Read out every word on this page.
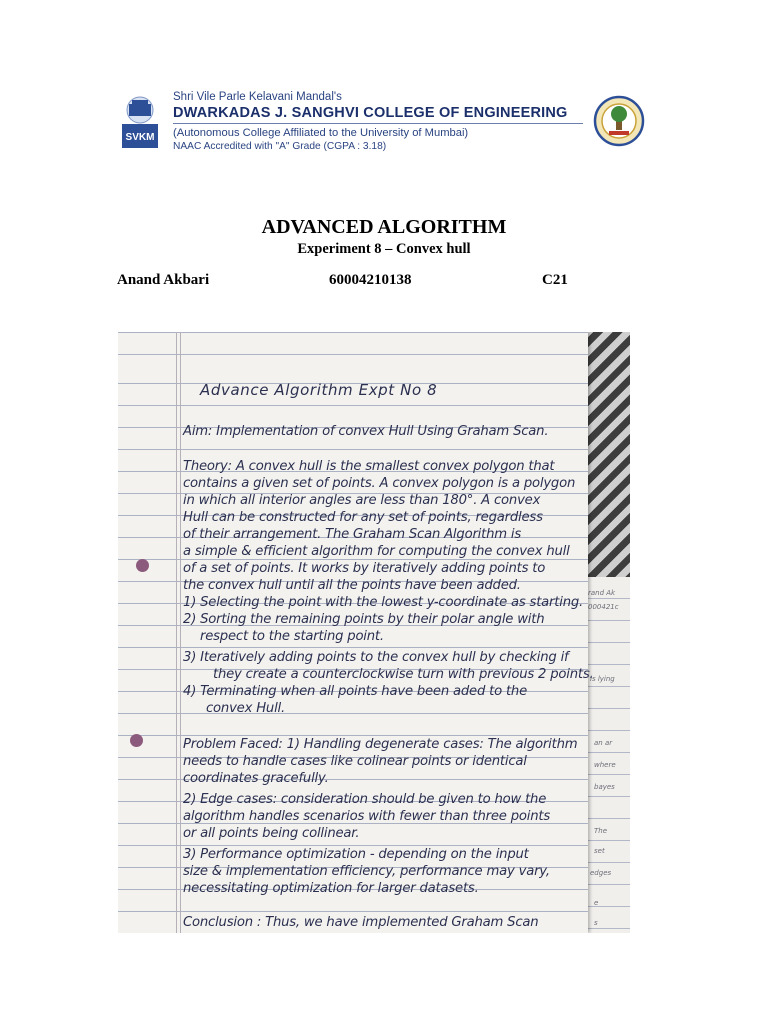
SVKM
Shri Vile Parle Kelavani Mandal's
DWARKADAS J. SANGHVI COLLEGE OF ENGINEERING
(Autonomous College Affiliated to the University of Mumbai)
NAAC Accredited with "A" Grade (CGPA : 3.18)
ADVANCED ALGORITHM
Experiment 8 – Convex hull
Anand Akbari	60004210138	C21
rand Ak
000421c
is lying
an ar
where
bayes
The
set
edges
e
s
Advance Algorithm Expt No 8
Aim: Implementation of convex Hull Using Graham Scan.
Theory: A convex hull is the smallest convex polygon that
contains a given set of points. A convex polygon is a polygon
in which all interior angles are less than 180°. A convex
Hull can be constructed for any set of points, regardless
of their arrangement. The Graham Scan Algorithm is
a simple & efficient algorithm for computing the convex hull
of a set of points. It works by iteratively adding points to
the convex hull until all the points have been added.
1) Selecting the point with the lowest y-coordinate as starting.
2) Sorting the remaining points by their polar angle with
respect to the starting point.
3) Iteratively adding points to the convex hull by checking if
they create a counterclockwise turn with previous 2 points.
4) Terminating when all points have been aded to the
convex Hull.
Problem Faced: 1) Handling degenerate cases: The algorithm
needs to handle cases like colinear points or identical
coordinates gracefully.
2) Edge cases: consideration should be given to how the
algorithm handles scenarios with fewer than three points
or all points being collinear.
3) Performance optimization - depending on the input
size & implementation efficiency, performance may vary,
necessitating optimization for larger datasets.
Conclusion : Thus, we have implemented Graham Scan
